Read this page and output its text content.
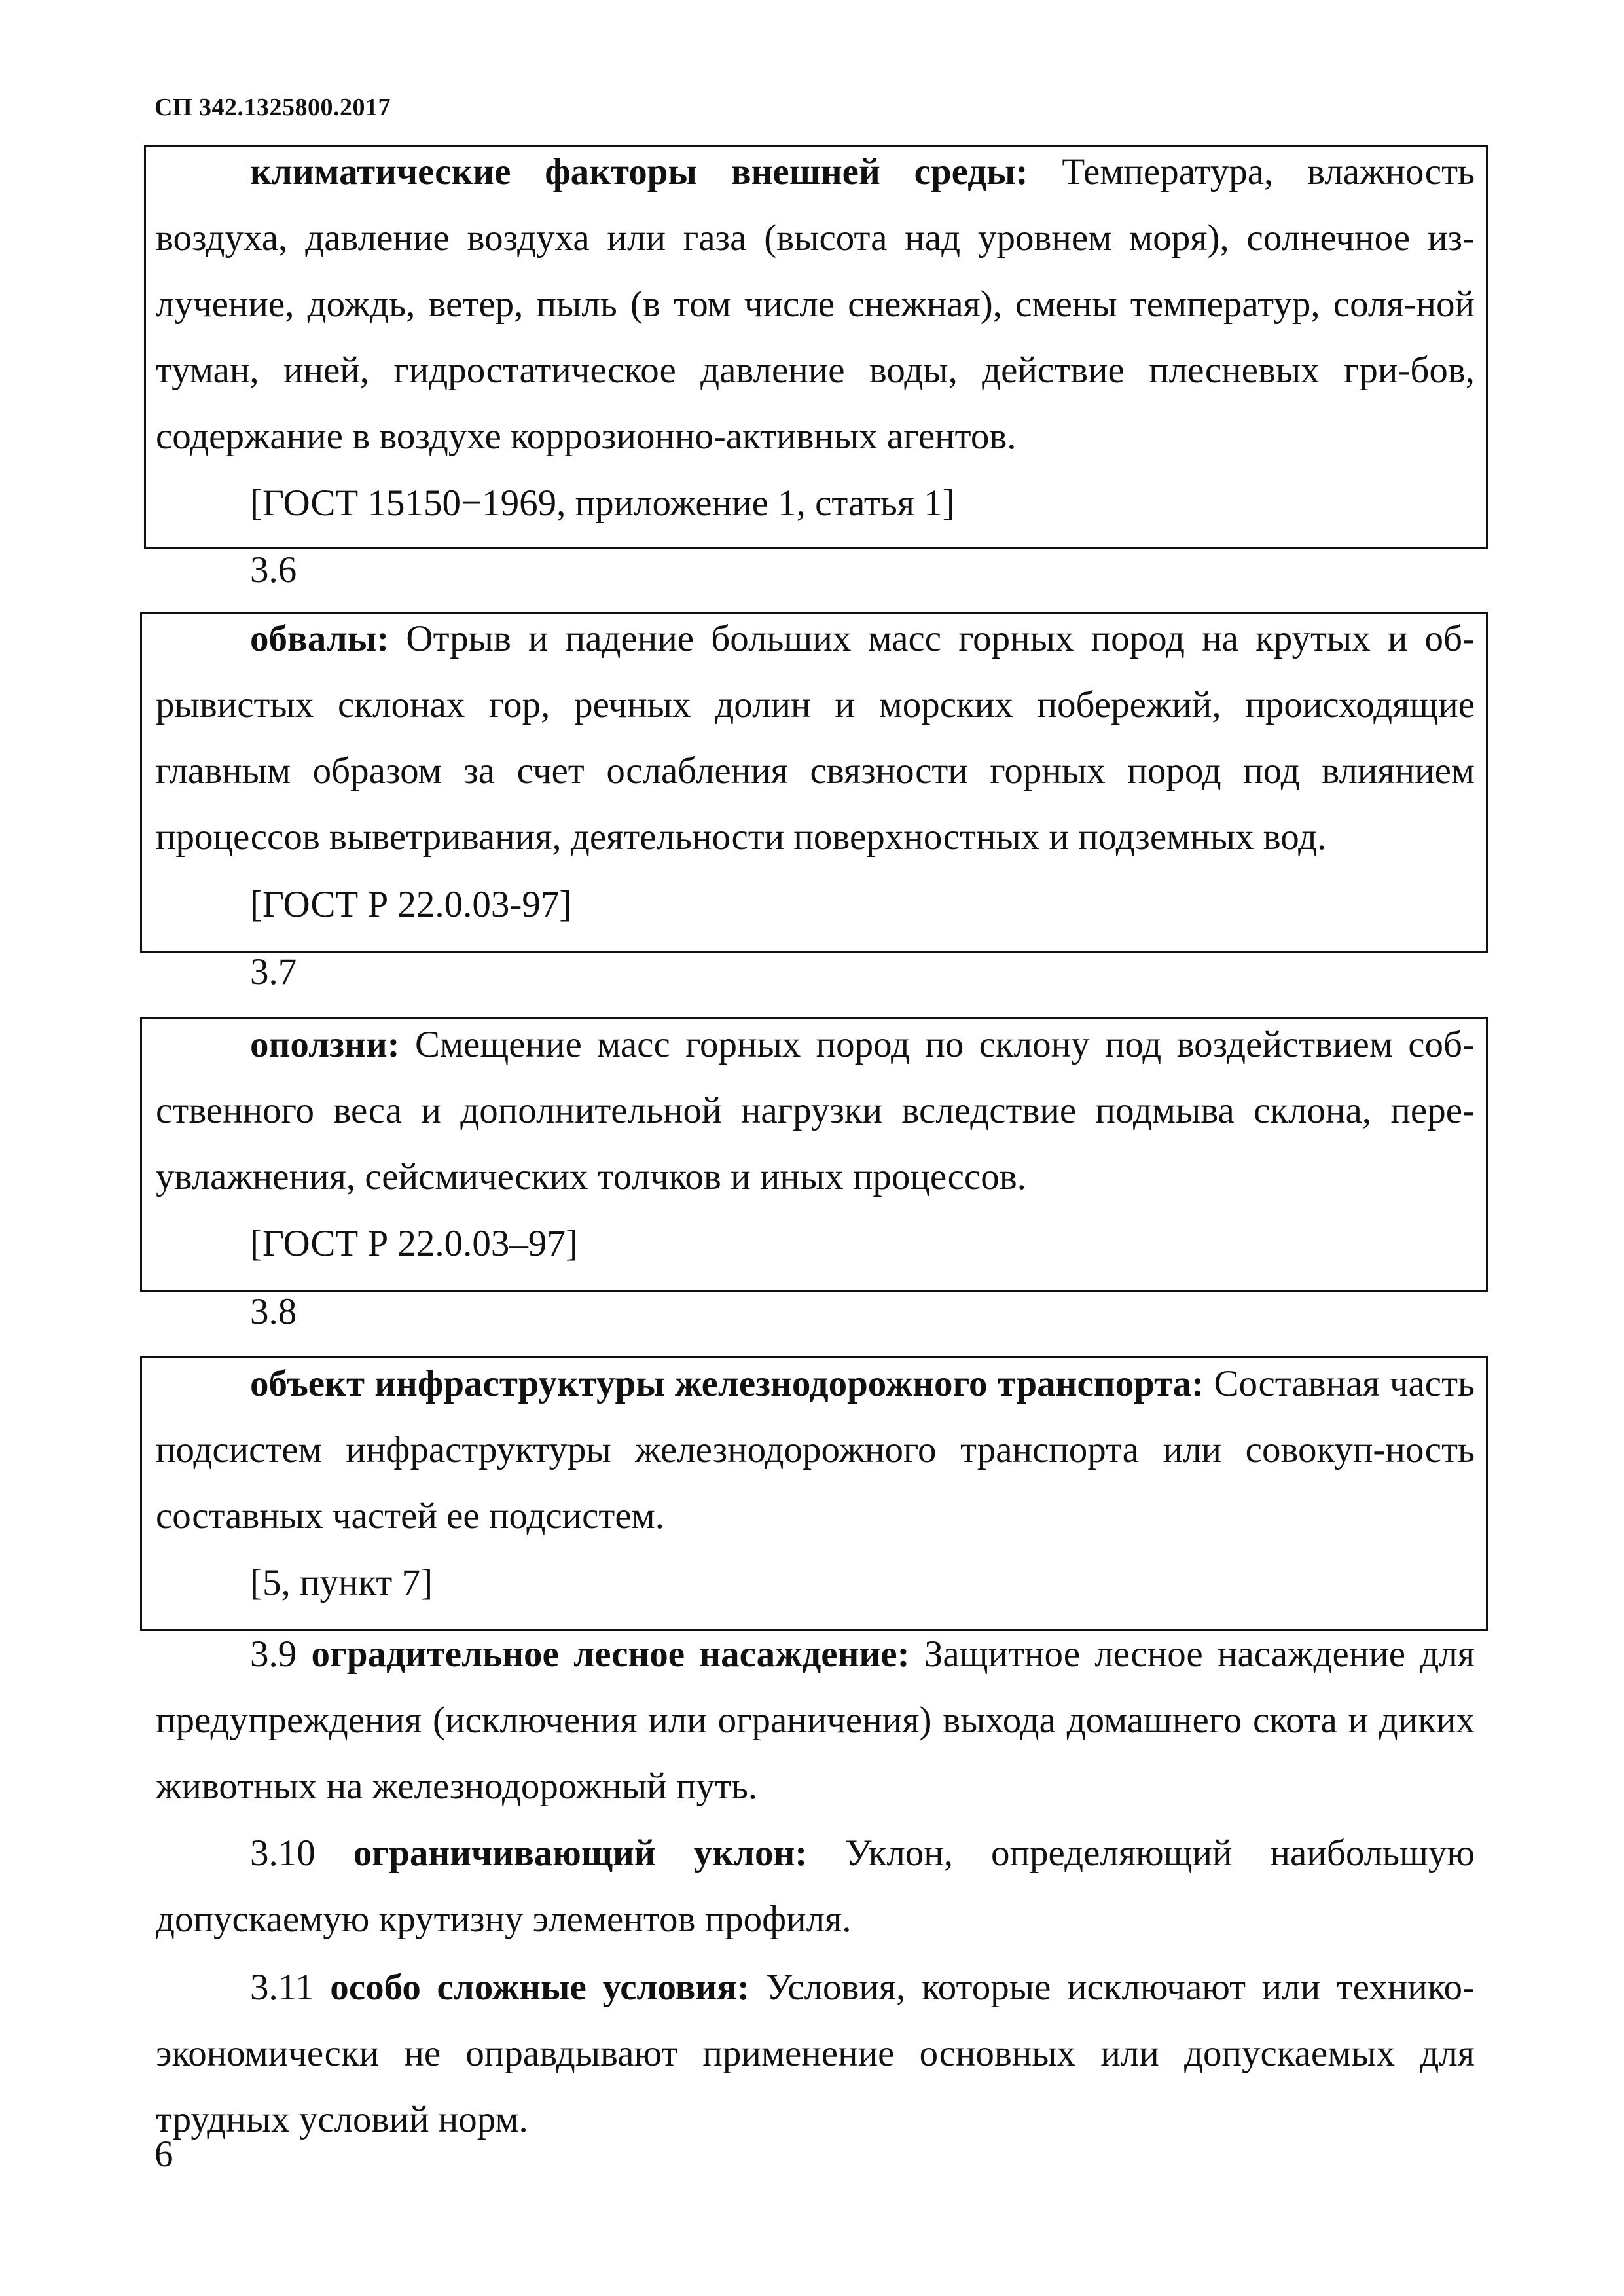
СП 342.1325800.2017
климатические факторы внешней среды: Температура, влажность воздуха, давление воздуха или газа (высота над уровнем моря), солнечное из-лучение, дождь, ветер, пыль (в том числе снежная), смены температур, соля-ной туман, иней, гидростатическое давление воды, действие плесневых гри-бов, содержание в воздухе коррозионно-активных агентов.
[ГОСТ 15150−1969, приложение 1, статья 1]
3.6
обвалы: Отрыв и падение больших масс горных пород на крутых и об-рывистых склонах гор, речных долин и морских побережий, происходящие главным образом за счет ослабления связности горных пород под влиянием процессов выветривания, деятельности поверхностных и подземных вод.
[ГОСТ Р 22.0.03-97]
3.7
оползни: Смещение масс горных пород по склону под воздействием соб-ственного веса и дополнительной нагрузки вследствие подмыва склона, пере-увлажнения, сейсмических толчков и иных процессов.
[ГОСТ Р 22.0.03–97]
3.8
объект инфраструктуры железнодорожного транспорта: Составная часть подсистем инфраструктуры железнодорожного транспорта или совокуп-ность составных частей ее подсистем.
[5, пункт 7]
3.9 оградительное лесное насаждение: Защитное лесное насаждение для предупреждения (исключения или ограничения) выхода домашнего скота и диких животных на железнодорожный путь.
3.10 ограничивающий уклон: Уклон, определяющий наибольшую допускаемую крутизну элементов профиля.
3.11 особо сложные условия: Условия, которые исключают или технико-экономически не оправдывают применение основных или допускаемых для трудных условий норм.
6
